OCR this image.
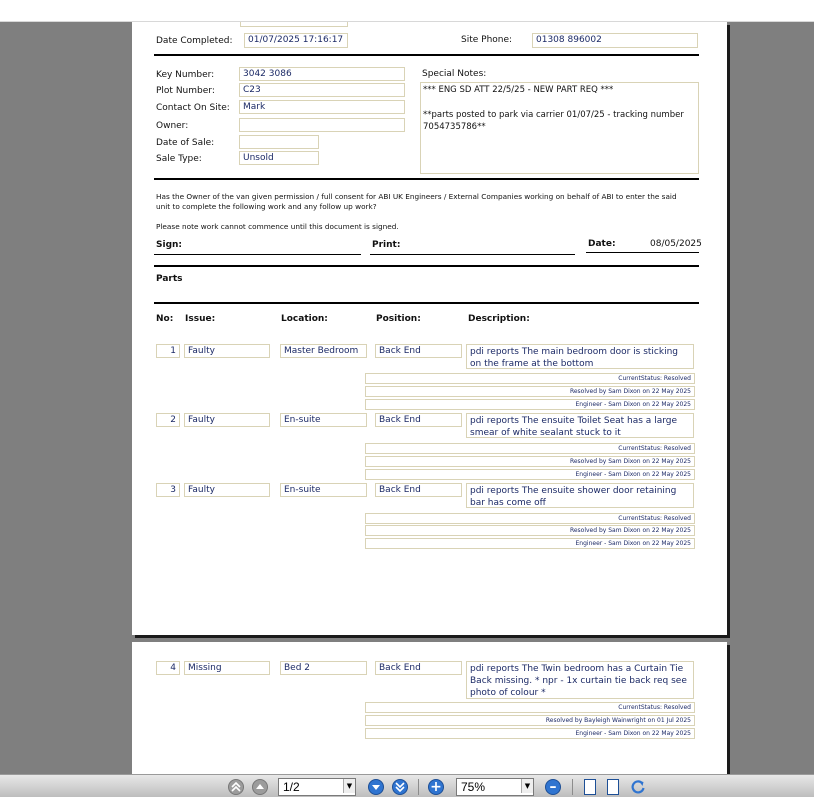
Date Completed:	01/07/2025 17:16:17	Site Phone:	01308 896002
Key Number:	3042 3086
Plot Number:	C23
Contact On Site:	Mark
Owner:
Date of Sale:
Sale Type:	Unsold
Special Notes:
*** ENG SD ATT 22/5/25 - NEW PART REQ ***
**parts posted to park via carrier 01/07/25 - tracking number 7054735786**
Has the Owner of the van given permission / full consent for ABI UK Engineers / External Companies working on behalf of ABI to enter the said unit to complete the following work and any follow up work?
Please note work cannot commence until this document is signed.
Sign:	Print:	Date:	08/05/2025
Parts
No: Issue:	Location:	Position:	Description:
1	Faulty	Master Bedroom	Back End	pdi reports The main bedroom door is sticking on the frame at the bottom
CurrentStatus: Resolved
Resolved by Sam Dixon on 22 May 2025
Engineer - Sam Dixon on 22 May 2025
2	Faulty	En-suite	Back End	pdi reports The ensuite Toilet Seat has a large smear of white sealant stuck to it
CurrentStatus: Resolved
Resolved by Sam Dixon on 22 May 2025
Engineer - Sam Dixon on 22 May 2025
3	Faulty	En-suite	Back End	pdi reports The ensuite shower door retaining bar has come off
CurrentStatus: Resolved
Resolved by Sam Dixon on 22 May 2025
Engineer - Sam Dixon on 22 May 2025
4	Missing	Bed 2	Back End	pdi reports The Twin bedroom has a Curtain Tie Back missing. * npr - 1x curtain tie back req see photo of colour *
CurrentStatus: Resolved
Resolved by Bayleigh Wainwright on 01 Jul 2025
Engineer - Sam Dixon on 22 May 2025
1/2	▼	+	75%	▼ –
